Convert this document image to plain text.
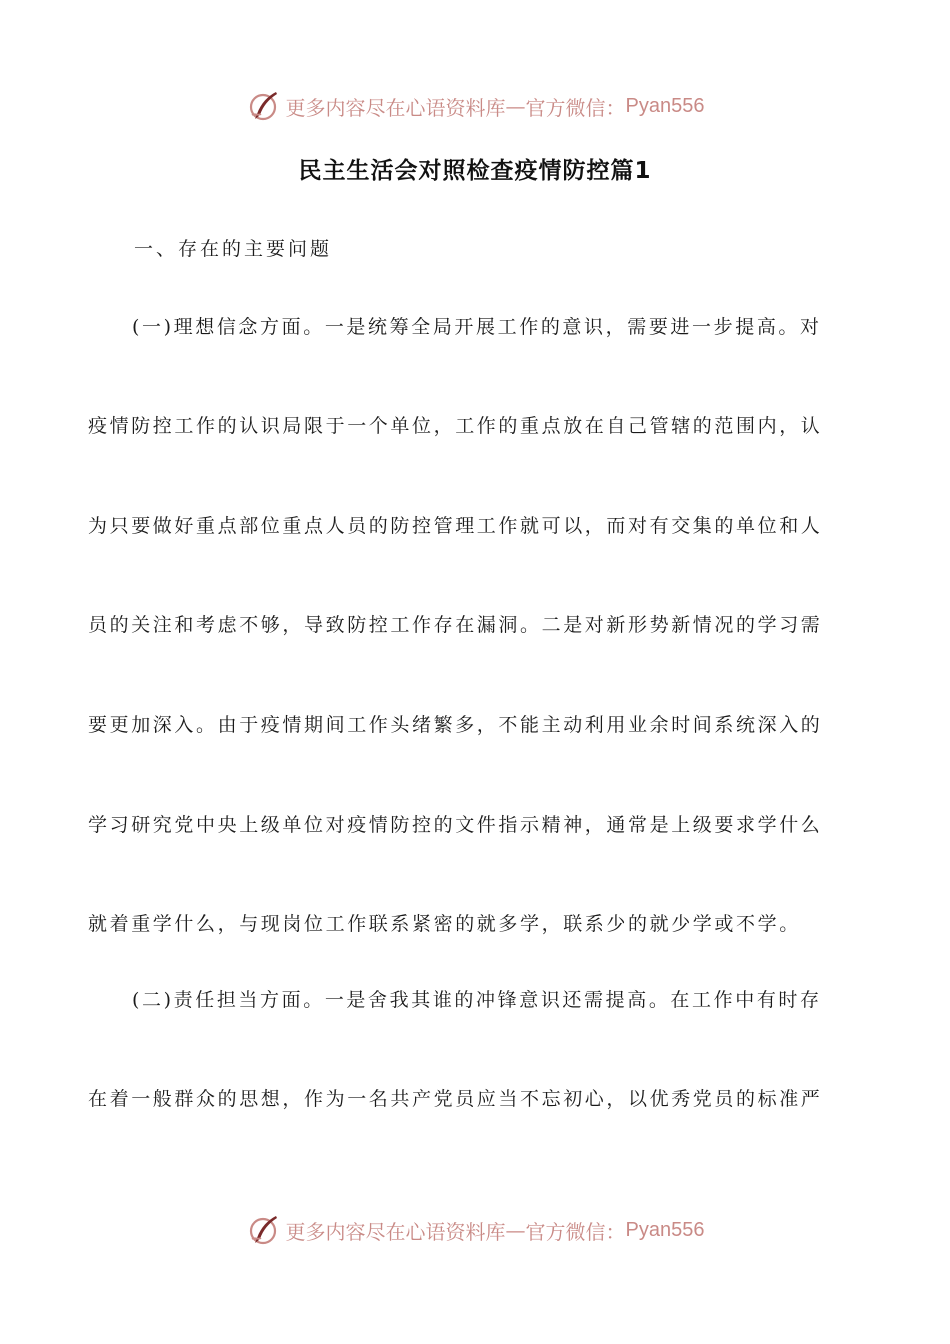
更多内容尽在心语资料库 — 官方微信： Pyan556
民主生活会对照检查疫情防控篇1

一、存在的主要问题

(一)理想信念方面。一是统筹全局开展工作的意识，需要进一步提高。对

疫情防控工作的认识局限于一个单位，工作的重点放在自己管辖的范围内，认

为只要做好重点部位重点人员的防控管理工作就可以，而对有交集的单位和人

员的关注和考虑不够，导致防控工作存在漏洞。二是对新形势新情况的学习需

要更加深入。由于疫情期间工作头绪繁多，不能主动利用业余时间系统深入的

学习研究党中央上级单位对疫情防控的文件指示精神，通常是上级要求学什么

就着重学什么，与现岗位工作联系紧密的就多学，联系少的就少学或不学。

(二)责任担当方面。一是舍我其谁的冲锋意识还需提高。在工作中有时存

在着一般群众的思想，作为一名共产党员应当不忘初心，以优秀党员的标准严

更多内容尽在心语资料库 — 官方微信： Pyan556
